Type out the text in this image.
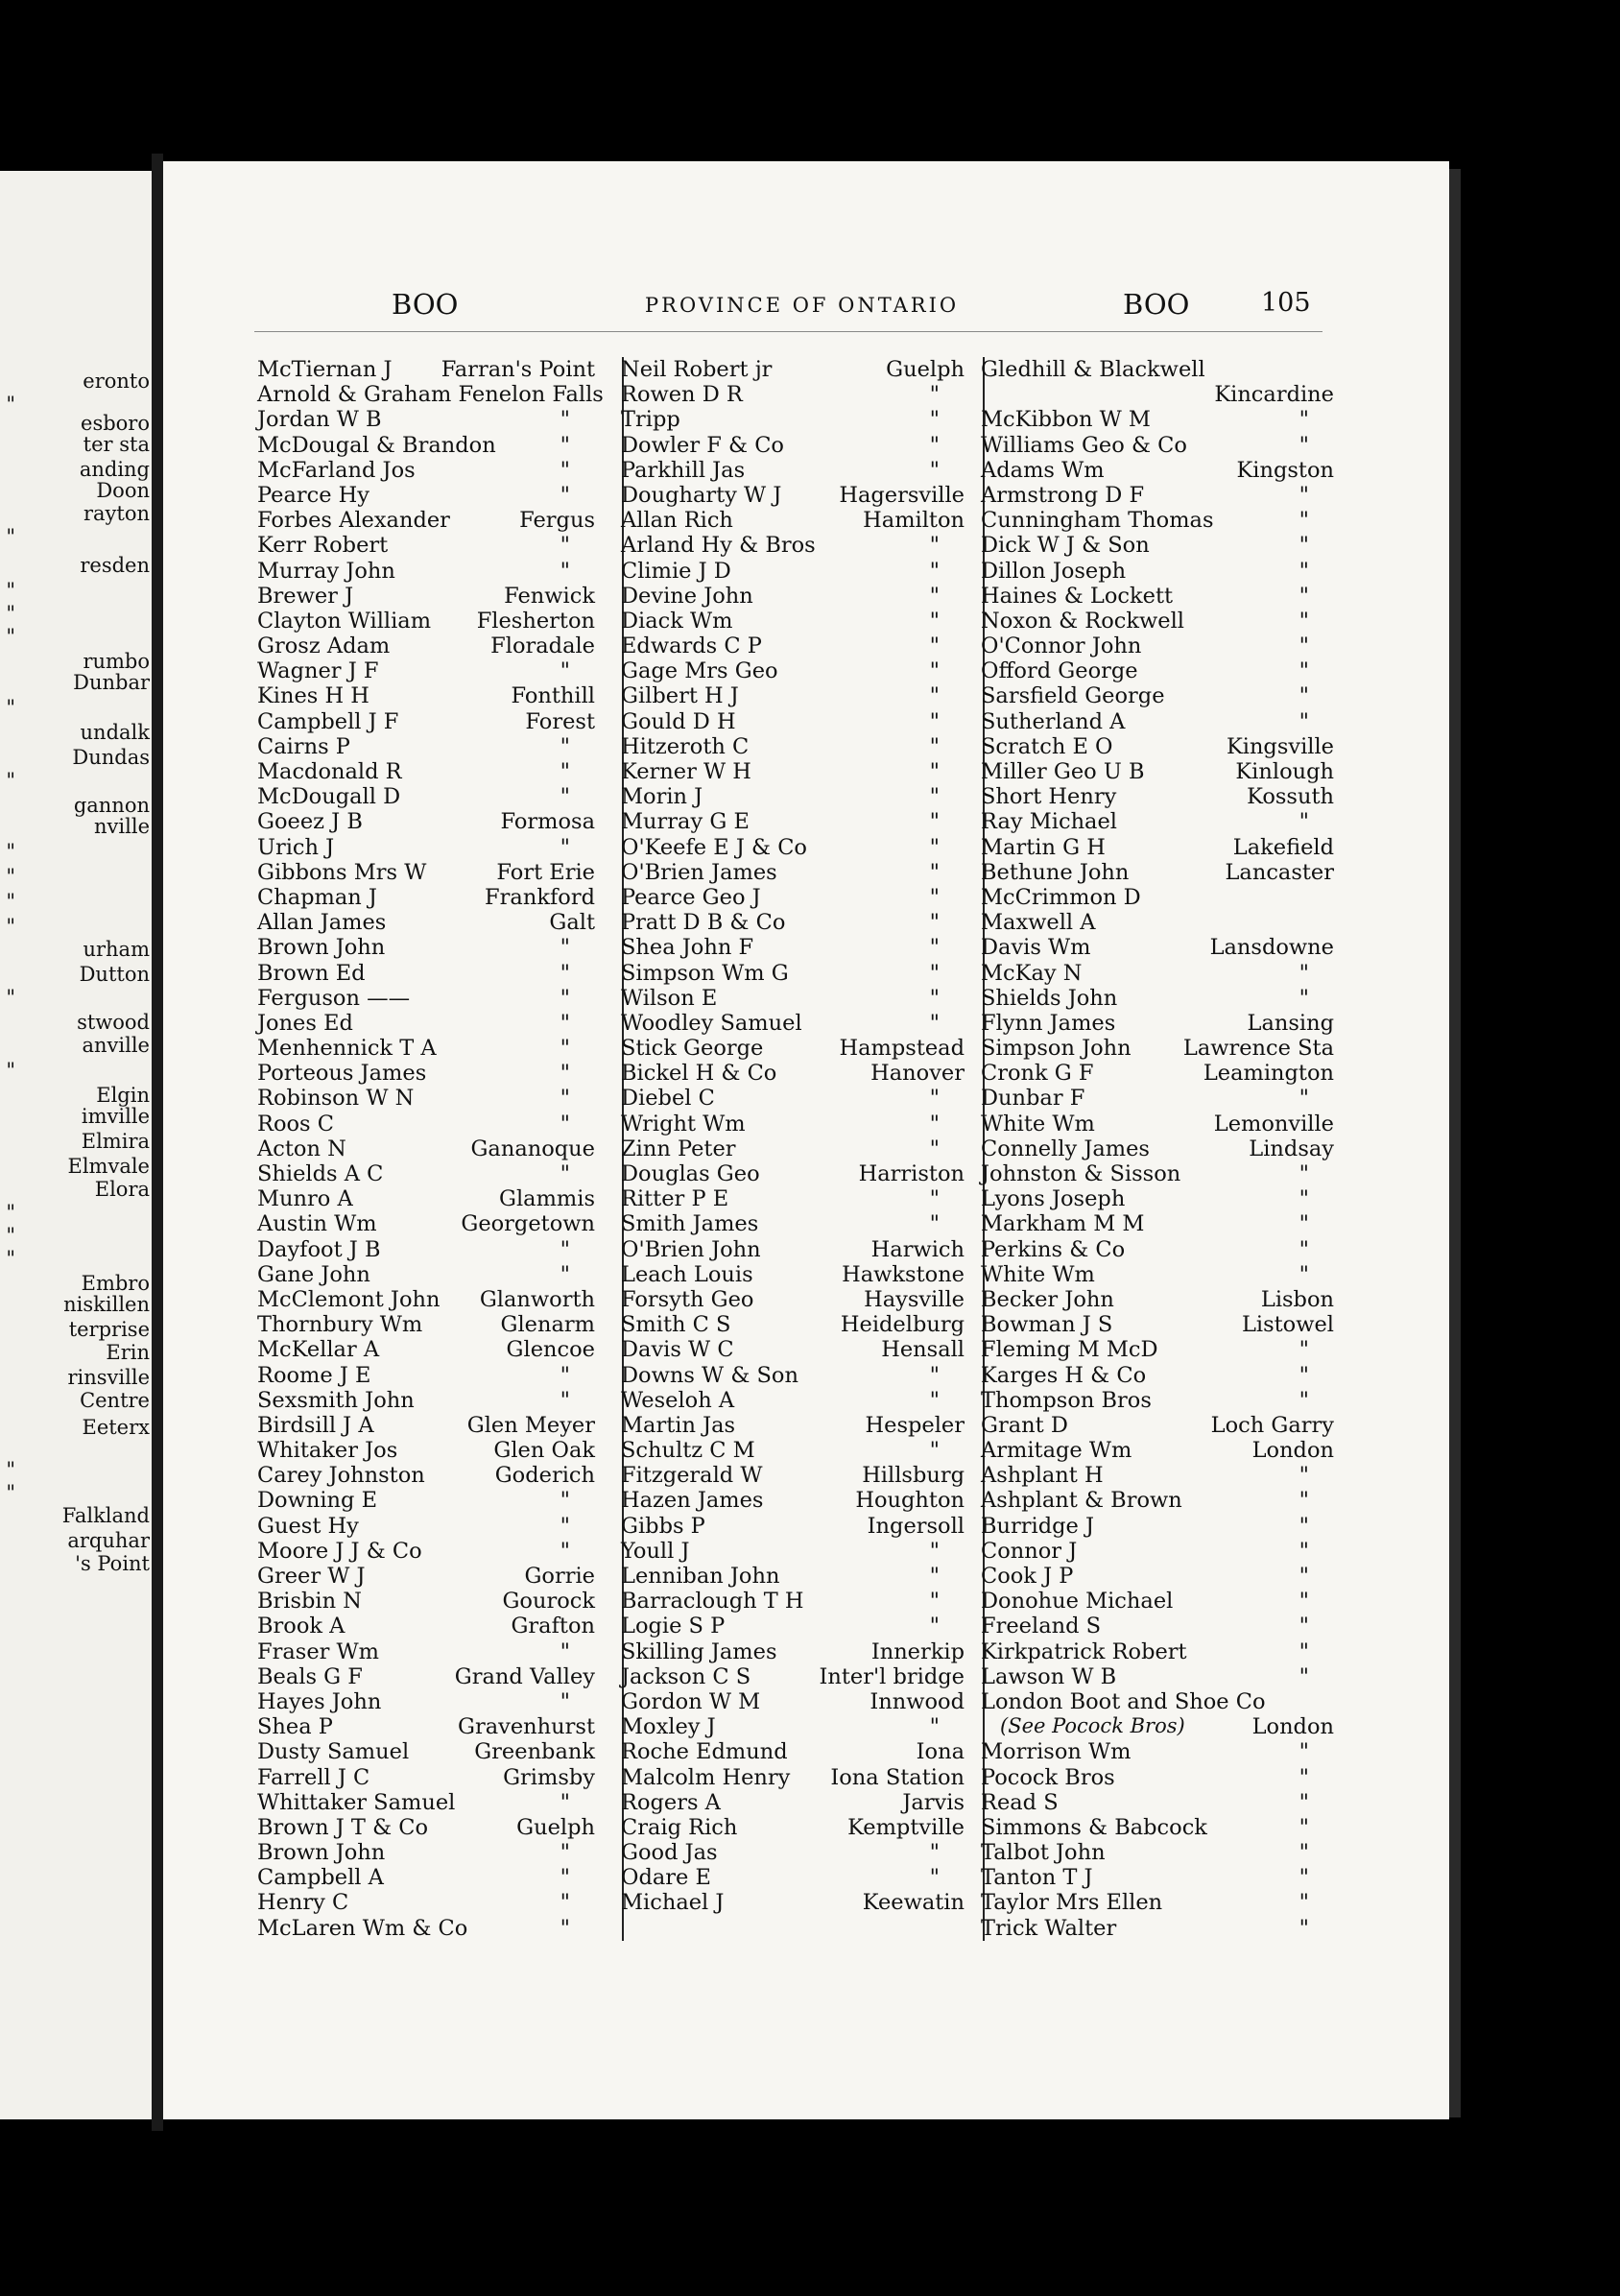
eronto
"
esboro
ter sta
anding
Doon
rayton
"
resden
"
"
"
rumbo
Dunbar
"
undalk
Dundas
"
gannon
nville
"
"
"
"
urham
Dutton
"
stwood
anville
"
Elgin
imville
Elmira
Elmvale
Elora
"
"
"
Embro
niskillen
terprise
Erin
rinsville
Centre
Eeterx
"
"
Falkland
arquhar
's Point
BOO	PROVINCE OF ONTARIO	BOO	105
McTiernan J Farran's Point
Arnold & Graham Fenelon Falls
Jordan W B	"
McDougal & Brandon	"
McFarland Jos	"
Pearce Hy	"
Forbes Alexander	Fergus
Kerr Robert	"
Murray John	"
Brewer J	Fenwick
Clayton William Flesherton
Grosz Adam	Floradale
Wagner J F	"
Kines H H	Fonthill
Campbell J F	Forest
Cairns P	"
Macdonald R	"
McDougall D	"
Goeez J B	Formosa
Urich J	"
Gibbons Mrs W	Fort Erie
Chapman J	Frankford
Allan James	Galt
Brown John	"
Brown Ed	"
Ferguson ——	"
Jones Ed	"
Menhennick T A	"
Porteous James	"
Robinson W N	"
Roos C	"
Acton N	Gananoque
Shields A C	"
Munro A	Glammis
Austin Wm	Georgetown
Dayfoot J B	"
Gane John	"
McClemont John Glanworth
Thornbury Wm	Glenarm
McKellar A	Glencoe
Roome J E	"
Sexsmith John	"
Birdsill J A	Glen Meyer
Whitaker Jos	Glen Oak
Carey Johnston	Goderich
Downing E	"
Guest Hy	"
Moore J J & Co	"
Greer W J	Gorrie
Brisbin N	Gourock
Brook A	Grafton
Fraser Wm	"
Beals G F	Grand Valley
Hayes John	"
Shea P	Gravenhurst
Dusty Samuel	Greenbank
Farrell J C	Grimsby
Whittaker Samuel	"
Brown J T & Co	Guelph
Brown John	"
Campbell A	"
Henry C	"
McLaren Wm & Co	"
Neil Robert jr	Guelph
Rowen D R	"
Tripp	"
Dowler F & Co	"
Parkhill Jas	"
Dougharty W J	Hagersville
Allan Rich	Hamilton
Arland Hy & Bros	"
Climie J D	"
Devine John	"
Diack Wm	"
Edwards C P	"
Gage Mrs Geo	"
Gilbert H J	"
Gould D H	"
Hitzeroth C	"
Kerner W H	"
Morin J	"
Murray G E	"
O'Keefe E J & Co	"
O'Brien James	"
Pearce Geo J	"
Pratt D B & Co	"
Shea John F	"
Simpson Wm G	"
Wilson E	"
Woodley Samuel	"
Stick George	Hampstead
Bickel H & Co	Hanover
Diebel C	"
Wright Wm	"
Zinn Peter	"
Douglas Geo	Harriston
Ritter P E	"
Smith James	"
O'Brien John	Harwich
Leach Louis	Hawkstone
Forsyth Geo	Haysville
Smith C S	Heidelburg
Davis W C	Hensall
Downs W & Son	"
Weseloh A	"
Martin Jas	Hespeler
Schultz C M	"
Fitzgerald W	Hillsburg
Hazen James	Houghton
Gibbs P	Ingersoll
Youll J	"
Lenniban John	"
Barraclough T H	"
Logie S P	"
Skilling James	Innerkip
Jackson C S	Inter'l bridge
Gordon W M	Innwood
Moxley J	"
Roche Edmund	Iona
Malcolm Henry Iona Station
Rogers A	Jarvis
Craig Rich	Kemptville
Good Jas	"
Odare E	"
Michael J	Keewatin
Gledhill & Blackwell
Kincardine
McKibbon W M	"
Williams Geo & Co	"
Adams Wm	Kingston
Armstrong D F	"
Cunningham Thomas	"
Dick W J & Son	"
Dillon Joseph	"
Haines & Lockett	"
Noxon & Rockwell	"
O'Connor John	"
Offord George	"
Sarsfield George	"
Sutherland A	"
Scratch E O	Kingsville
Miller Geo U B	Kinlough
Short Henry	Kossuth
Ray Michael	"
Martin G H	Lakefield
Bethune John	Lancaster
McCrimmon D
Maxwell A
Davis Wm	Lansdowne
McKay N	"
Shields John	"
Flynn James	Lansing
Simpson John Lawrence Sta
Cronk G F	Leamington
Dunbar F	"
White Wm	Lemonville
Connelly James	Lindsay
Johnston & Sisson	"
Lyons Joseph	"
Markham M M	"
Perkins & Co	"
White Wm	"
Becker John	Lisbon
Bowman J S	Listowel
Fleming M McD	"
Karges H & Co	"
Thompson Bros	"
Grant D	Loch Garry
Armitage Wm	London
Ashplant H	"
Ashplant & Brown	"
Burridge J	"
Connor J	"
Cook J P	"
Donohue Michael	"
Freeland S	"
Kirkpatrick Robert	"
Lawson W B	"
London Boot and Shoe Co
(See Pocock Bros)	London
Morrison Wm	"
Pocock Bros	"
Read S	"
Simmons & Babcock	"
Talbot John	"
Tanton T J	"
Taylor Mrs Ellen	"
Trick Walter	"
